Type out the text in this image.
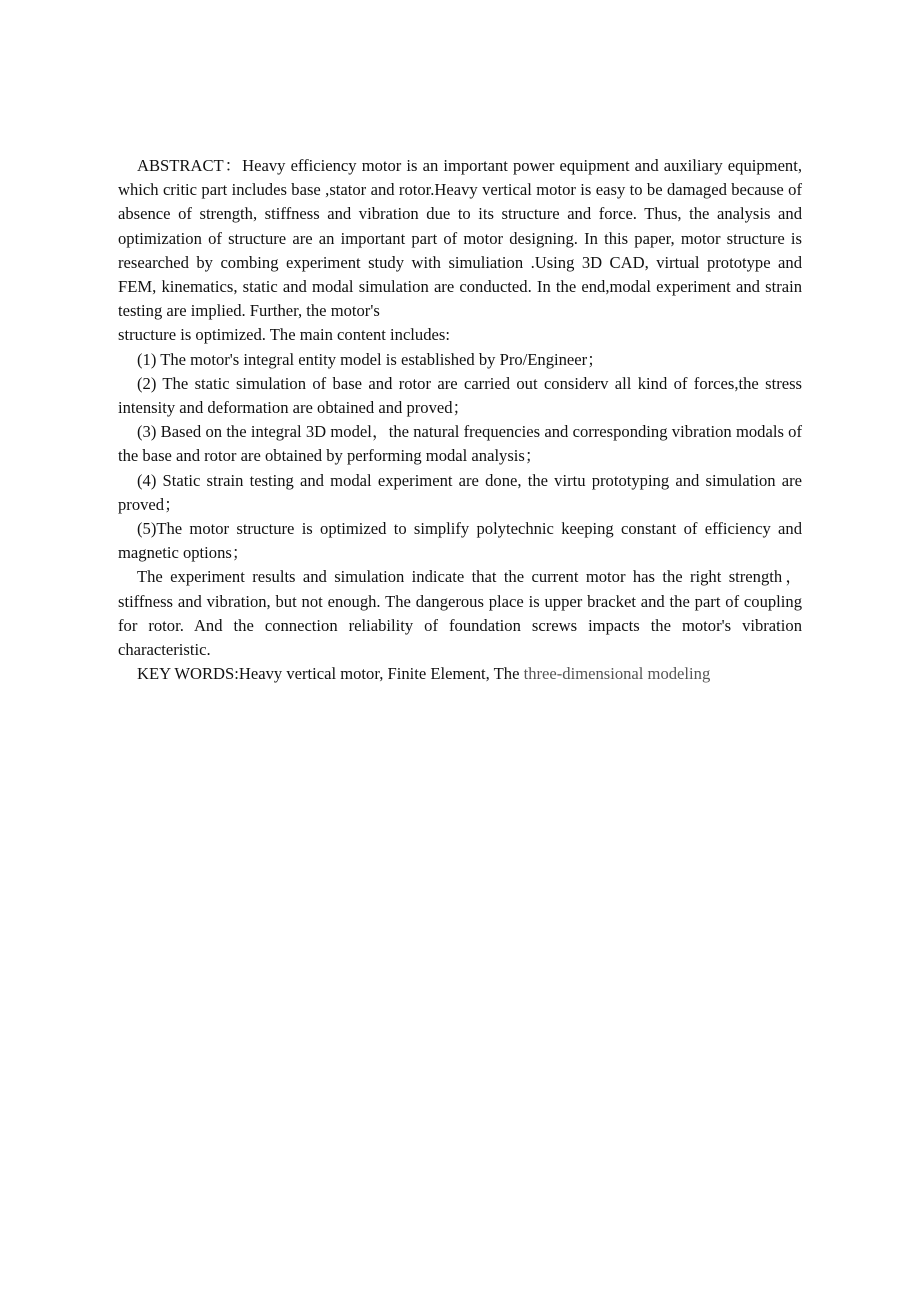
ABSTRACT：Heavy efficiency motor is an important power equipment and auxiliary equipment, which critic part includes base ,stator and rotor.Heavy vertical motor is easy to be damaged because of absence of strength, stiffness and vibration due to its structure and force. Thus, the analysis and optimization of structure are an important part of motor designing. In this paper, motor structure is researched by combing experiment study with simuliation .Using 3D CAD, virtual prototype and FEM, kinematics, static and modal simulation are conducted. In the end,modal experiment and strain testing are implied. Further, the motor's

structure is optimized. The main content includes:

(1) The motor's integral entity model is established by Pro/Engineer；

(2) The static simulation of base and rotor are carried out considerv all kind of forces,the stress intensity and deformation are obtained and proved；

(3) Based on the integral 3D model，the natural frequencies and corresponding vibration modals of the base and rotor are obtained by performing modal analysis；

(4) Static strain testing and modal experiment are done, the virtu prototyping and simulation are proved；

(5)The motor structure is optimized to simplify polytechnic keeping constant of efficiency and magnetic options；

The experiment results and simulation indicate that the current motor has the right strength，stiffness and vibration, but not enough. The dangerous place is upper bracket and the part of coupling for rotor. And the connection reliability of foundation screws impacts the motor's vibration characteristic.

KEY WORDS:Heavy vertical motor, Finite Element, The three-dimensional modeling
